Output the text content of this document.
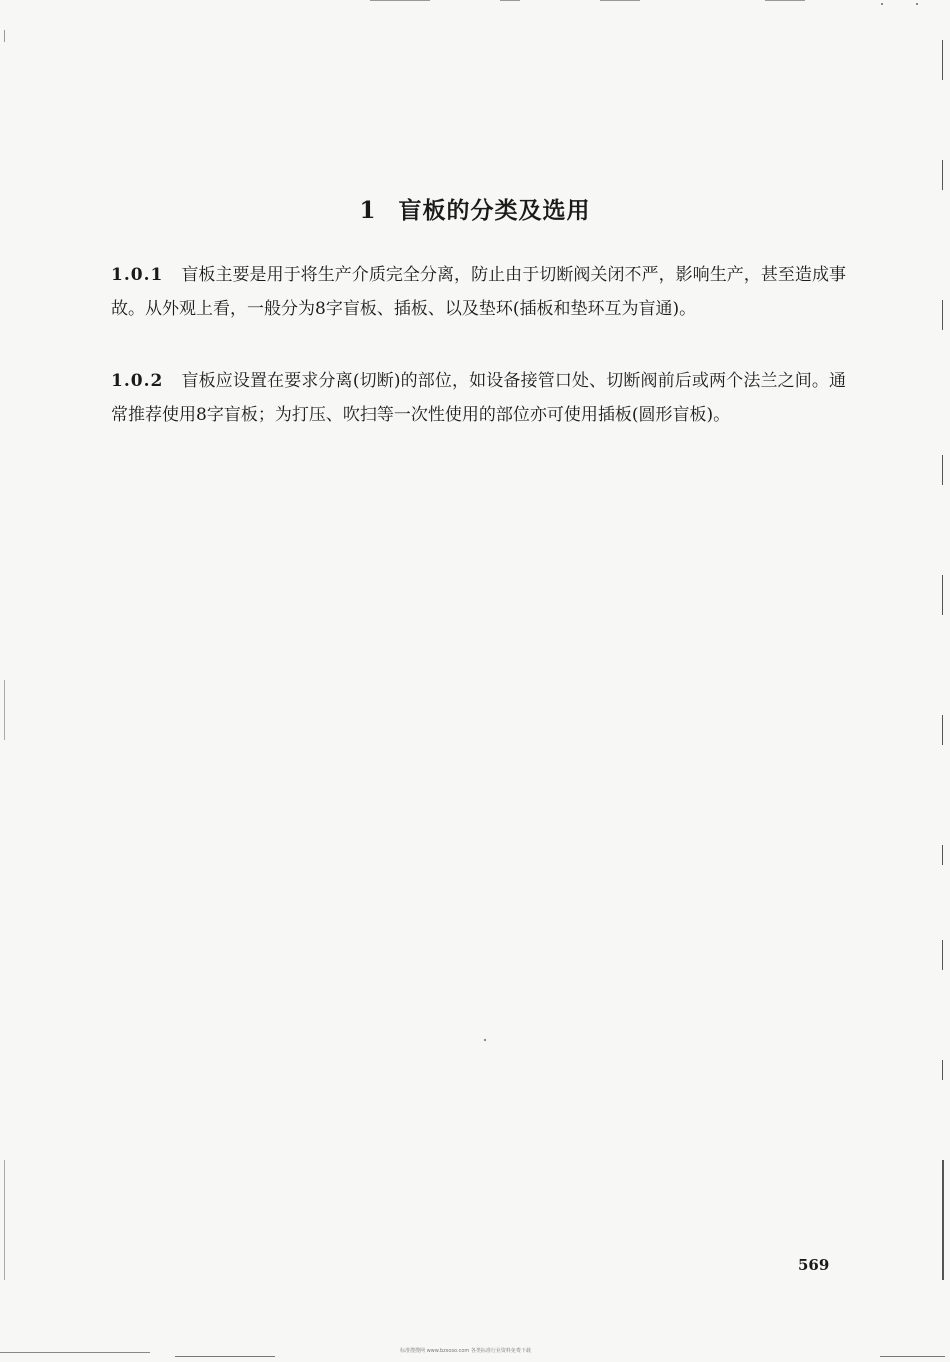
1 盲板的分类及选用
1.0.1 盲板主要是用于将生产介质完全分离，防止由于切断阀关闭不严，影响生产，甚至造成事故。从外观上看，一般分为8字盲板、插板、以及垫环(插板和垫环互为盲通)。
1.0.2 盲板应设置在要求分离(切断)的部位，如设备接管口处、切断阀前后或两个法兰之间。通常推荐使用8字盲板；为打压、吹扫等一次性使用的部位亦可使用插板(圆形盲板)。
569
标准搜搜网 www.bzsoso.com 各类标准行业资料免费下载
